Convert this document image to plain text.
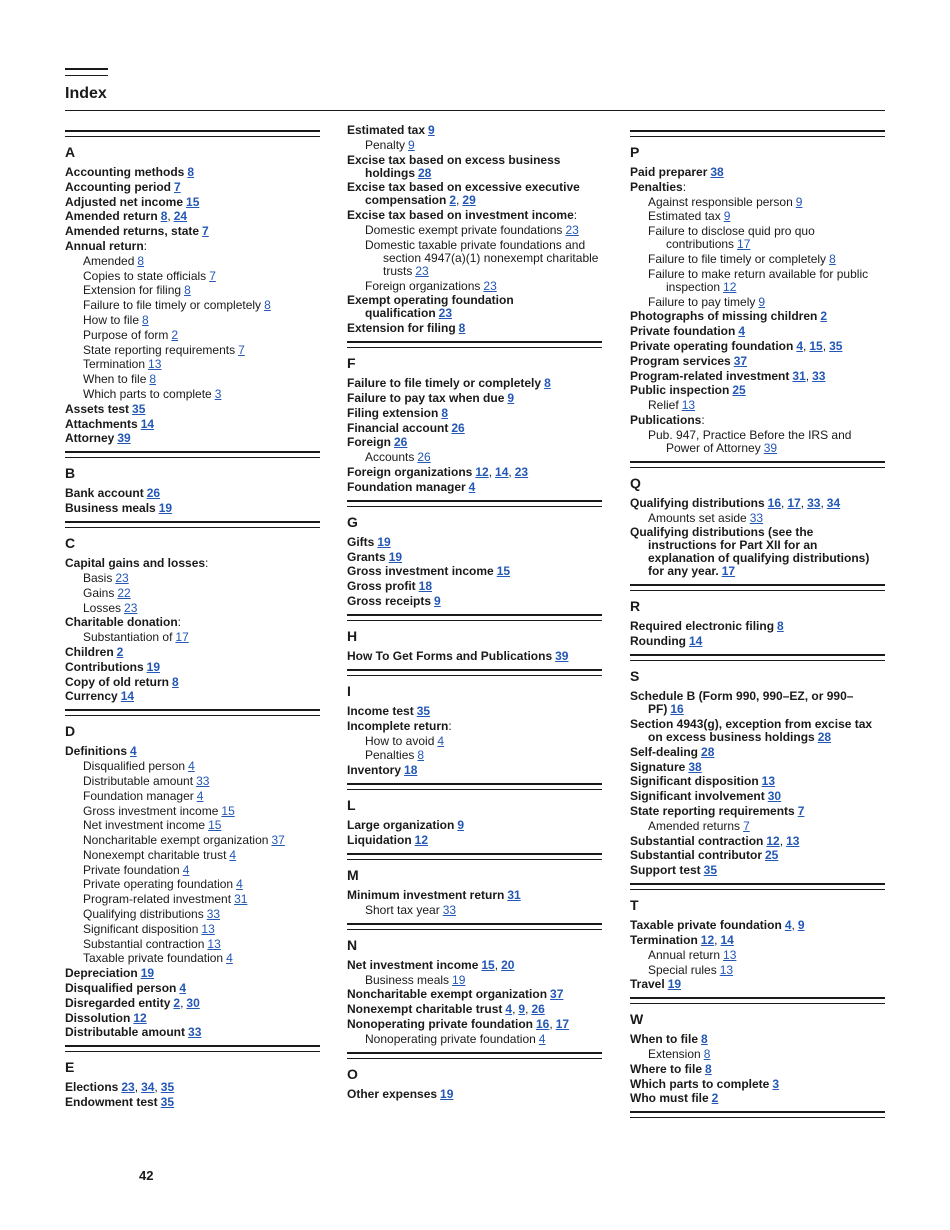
Index
A
Accounting methods 8
Accounting period 7
Adjusted net income 15
Amended return 8, 24
Amended returns, state 7
Annual return:
Amended 8
Copies to state officials 7
Extension for filing 8
Failure to file timely or completely 8
How to file 8
Purpose of form 2
State reporting requirements 7
Termination 13
When to file 8
Which parts to complete 3
Assets test 35
Attachments 14
Attorney 39
B
Bank account 26
Business meals 19
C
Capital gains and losses:
Basis 23
Gains 22
Losses 23
Charitable donation:
Substantiation of 17
Children 2
Contributions 19
Copy of old return 8
Currency 14
D
Definitions 4
Disqualified person 4
Distributable amount 33
Foundation manager 4
Gross investment income 15
Net investment income 15
Noncharitable exempt organization 37
Nonexempt charitable trust 4
Private foundation 4
Private operating foundation 4
Program-related investment 31
Qualifying distributions 33
Significant disposition 13
Substantial contraction 13
Taxable private foundation 4
Depreciation 19
Disqualified person 4
Disregarded entity 2, 30
Dissolution 12
Distributable amount 33
E
Elections 23, 34, 35
Endowment test 35
Estimated tax 9
Penalty 9
Excise tax based on excess business holdings 28
Excise tax based on excessive executive compensation 2, 29
Excise tax based on investment income:
Domestic exempt private foundations 23
Domestic taxable private foundations and section 4947(a)(1) nonexempt charitable trusts 23
Foreign organizations 23
Exempt operating foundation qualification 23
Extension for filing 8
F
Failure to file timely or completely 8
Failure to pay tax when due 9
Filing extension 8
Financial account 26
Foreign 26
Accounts 26
Foreign organizations 12, 14, 23
Foundation manager 4
G
Gifts 19
Grants 19
Gross investment income 15
Gross profit 18
Gross receipts 9
H
How To Get Forms and Publications 39
I
Income test 35
Incomplete return:
How to avoid 4
Penalties 8
Inventory 18
L
Large organization 9
Liquidation 12
M
Minimum investment return 31
Short tax year 33
N
Net investment income 15, 20
Business meals 19
Noncharitable exempt organization 37
Nonexempt charitable trust 4, 9, 26
Nonoperating private foundation 16, 17
Nonoperating private foundation 4
O
Other expenses 19
P
Paid preparer 38
Penalties:
Against responsible person 9
Estimated tax 9
Failure to disclose quid pro quo contributions 17
Failure to file timely or completely 8
Failure to make return available for public inspection 12
Failure to pay timely 9
Photographs of missing children 2
Private foundation 4
Private operating foundation 4, 15, 35
Program services 37
Program-related investment 31, 33
Public inspection 25
Relief 13
Publications:
Pub. 947, Practice Before the IRS and Power of Attorney 39
Q
Qualifying distributions 16, 17, 33, 34
Amounts set aside 33
Qualifying distributions (see the instructions for Part XII for an explanation of qualifying distributions) for any year. 17
R
Required electronic filing 8
Rounding 14
S
Schedule B (Form 990, 990–EZ, or 990–PF) 16
Section 4943(g), exception from excise tax on excess business holdings 28
Self-dealing 28
Signature 38
Significant disposition 13
Significant involvement 30
State reporting requirements 7
Amended returns 7
Substantial contraction 12, 13
Substantial contributor 25
Support test 35
T
Taxable private foundation 4, 9
Termination 12, 14
Annual return 13
Special rules 13
Travel 19
W
When to file 8
Extension 8
Where to file 8
Which parts to complete 3
Who must file 2
42
